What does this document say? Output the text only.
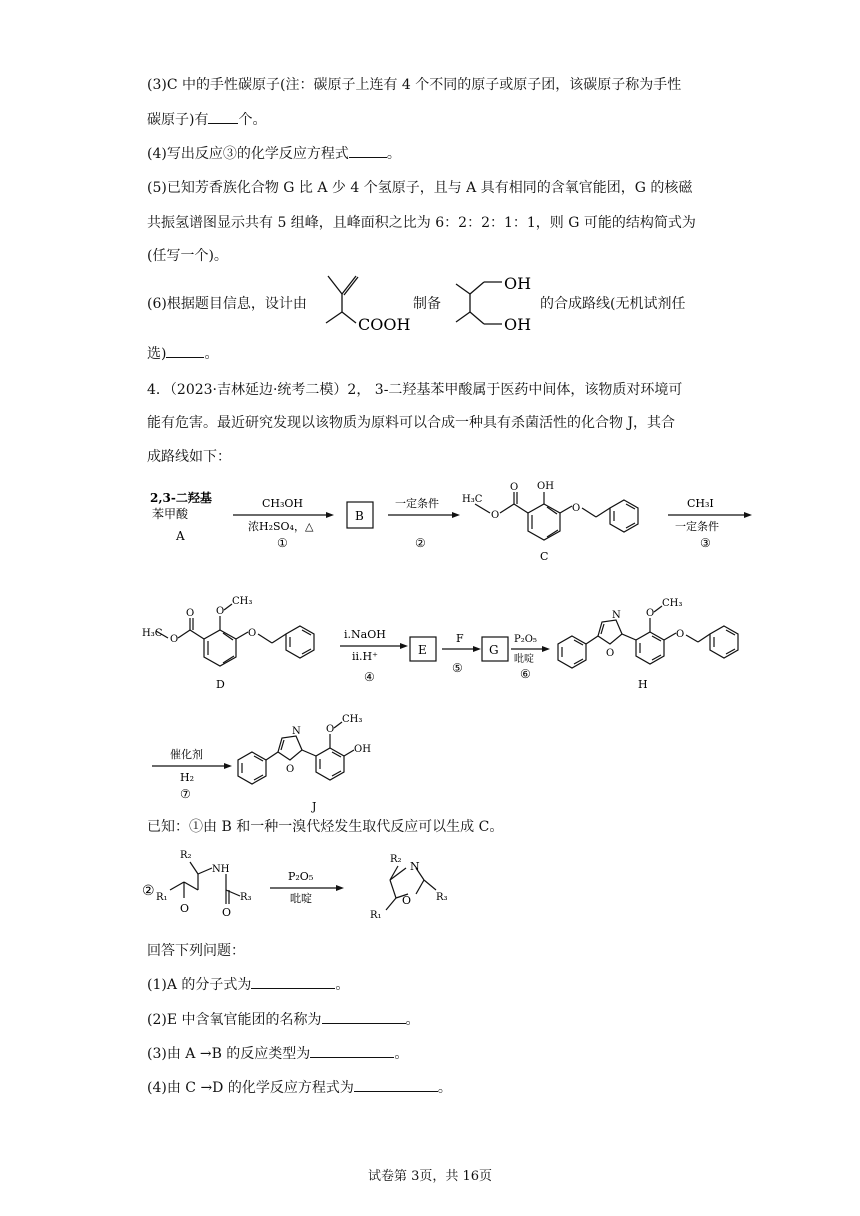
(3)C 中的手性碳原子(注：碳原子上连有 4 个不同的原子或原子团，该碳原子称为手性
碳原子)有 个。
(4)写出反应③的化学反应方程式	。
(5)已知芳香族化合物 G 比 A 少 4 个氢原子，且与 A 具有相同的含氧官能团，G 的核磁
共振氢谱图显示共有 5 组峰，且峰面积之比为 6：2：2：1：1，则 G 可能的结构简式为
(任写一个)。
(6)根据题目信息，设计由
COOH
制备
OH
OH
的合成路线(无机试剂任
选)	。
4．（2023·吉林延边·统考二模）2， 3-二羟基苯甲酸属于医药中间体，该物质对环境可
能有危害。最近研究发现以该物质为原料可以合成一种具有杀菌活性的化合物 J，其合
成路线如下：
2,3-二羟基
苯甲酸
A
CH₃OH
浓H₂SO₄，△
①
B
一定条件
②
H₃C
O
O
OH
O
C
CH₃I
一定条件
③
H₃C
O
O
O
CH₃
O
D
i.NaOH
ii.H⁺
④
E
F
⑤
G
P₂O₅
吡啶
⑥
N
O
O
CH₃
O
H
催化剂
H₂
⑦
N
O
O
CH₃
OH
J
已知：①由 B 和一种一溴代烃发生取代反应可以生成 C。
②
R₂
NH
R₁
O	O
R₃
P₂O₅
吡啶
R₂
N
O
R₁
R₃
回答下列问题：
(1)A 的分子式为	。
(2)E 中含氧官能团的名称为	。
(3)由 A →B 的反应类型为	。
(4)由 C →D 的化学反应方程式为	。
试卷第 3页，共 16页
